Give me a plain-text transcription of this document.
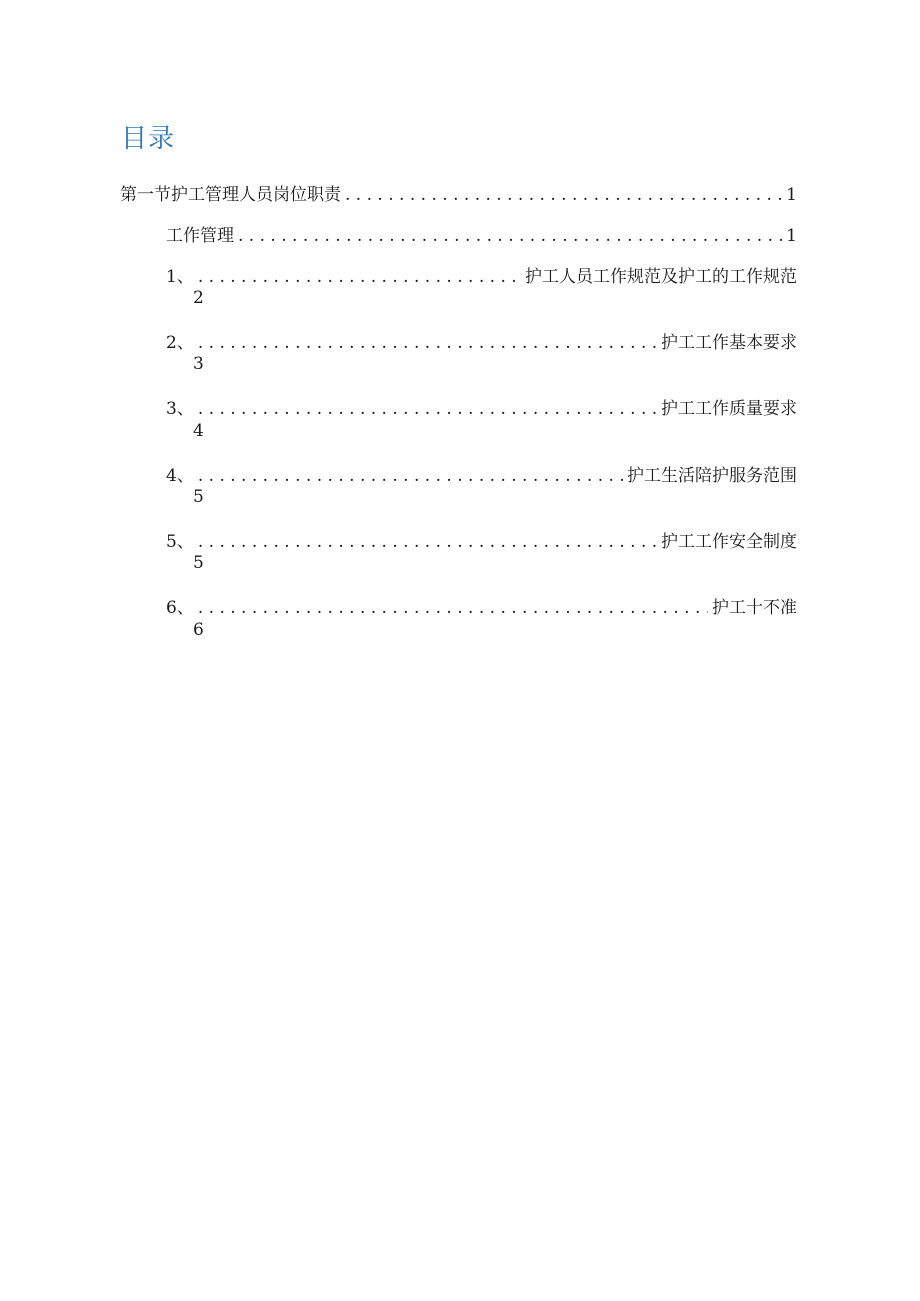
目录
第一节护工管理人员岗位职责 . . .	1
工作管理 . . .	1
1、 . . .	护工人员工作规范及护工的工作规范
2
2、 . . .	护工工作基本要求
3
3、 . . .	护工工作质量要求
4
4、 . . .	护工生活陪护服务范围
5
5、 . . .	护工工作安全制度
5
6、 . . .	护工十不准
6
